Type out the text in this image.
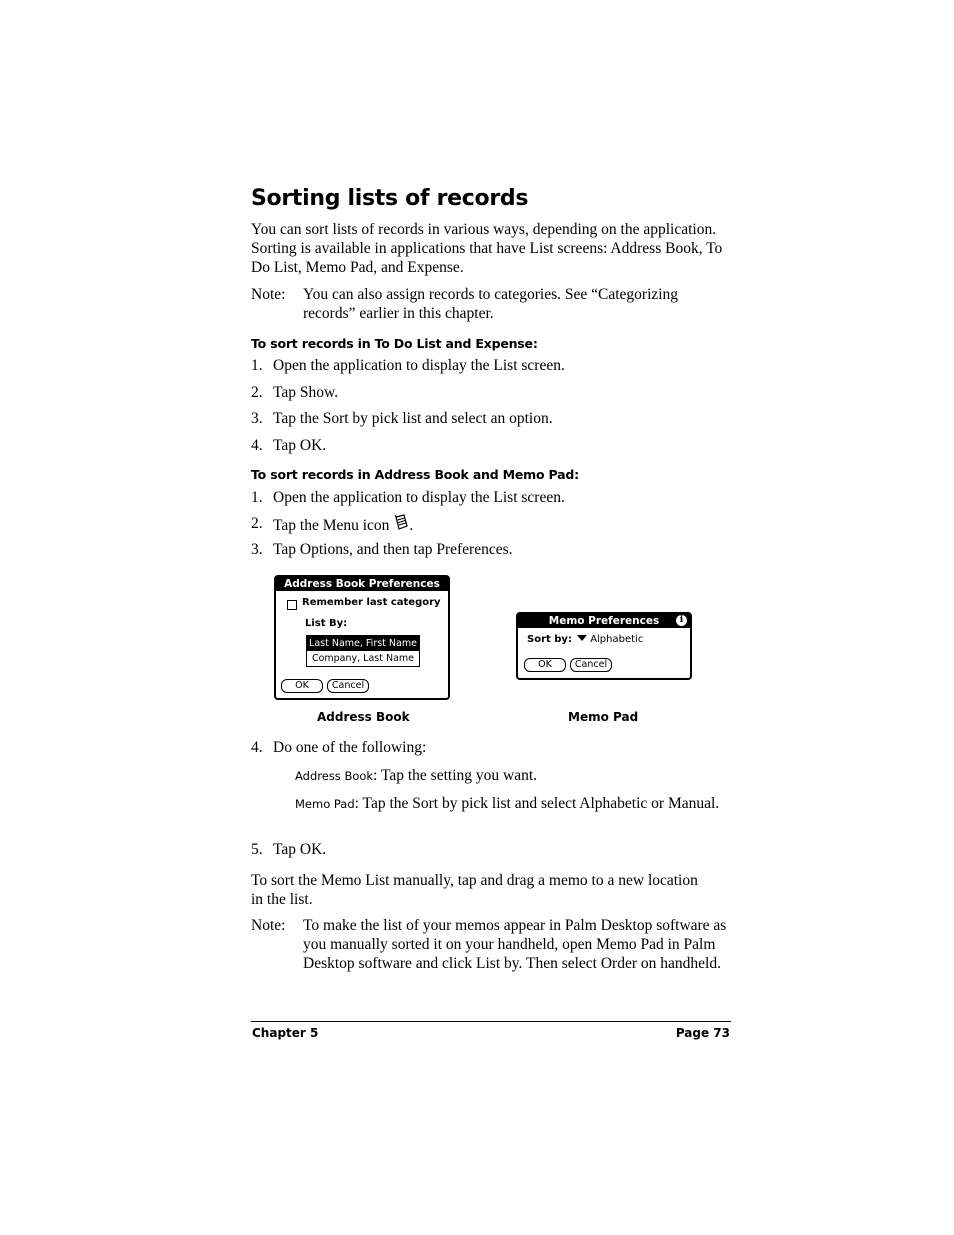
Sorting lists of records
You can sort lists of records in various ways, depending on the application. Sorting is available in applications that have List screens: Address Book, To Do List, Memo Pad, and Expense.
Note: You can also assign records to categories. See “Categorizing records” earlier in this chapter.
To sort records in To Do List and Expense:
1. Open the application to display the List screen.
2. Tap Show.
3. Tap the Sort by pick list and select an option.
4. Tap OK.
To sort records in Address Book and Memo Pad:
1. Open the application to display the List screen.
2. Tap the Menu icon .
3. Tap Options, and then tap Preferences.
Address Book Preferences
Remember last category
List By:
Last Name, First Name
Company, Last Name
OK	Cancel
Address Book
Memo Preferences	i
Sort by:	Alphabetic
OK	Cancel
Memo Pad
4. Do one of the following:
Address Book: Tap the setting you want.
Memo Pad: Tap the Sort by pick list and select Alphabetic or Manual.
5. Tap OK.
To sort the Memo List manually, tap and drag a memo to a new location in the list.
Note: To make the list of your memos appear in Palm Desktop software as you manually sorted it on your handheld, open Memo Pad in Palm Desktop software and click List by. Then select Order on handheld.
Chapter 5	Page 73
